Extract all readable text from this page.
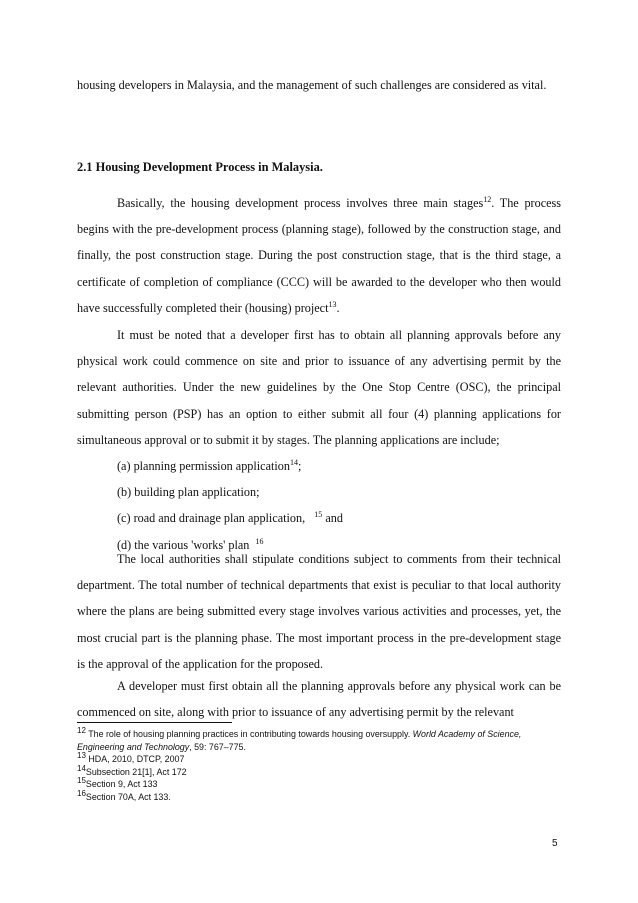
housing developers in Malaysia, and the management of such challenges are considered as vital.

2.1 Housing Development Process in Malaysia.

Basically, the housing development process involves three main stages$^{12}$. The process begins with the pre-development process (planning stage), followed by the construction stage, and finally, the post construction stage. During the post construction stage, that is the third stage, a certificate of completion of compliance (CCC) will be awarded to the developer who then would have successfully completed their (housing) project$^{13}$.

It must be noted that a developer first has to obtain all planning approvals before any physical work could commence on site and prior to issuance of any advertising permit by the relevant authorities. Under the new guidelines by the One Stop Centre (OSC), the principal submitting person (PSP) has an option to either submit all four (4) planning applications for simultaneous approval or to submit it by stages. The planning applications are include;

(a) planning permission application$^{14}$;
(b) building plan application;
(c) road and drainage plan application, $^{15}$ and
(d) the various 'works' plan $^{16}$

The local authorities shall stipulate conditions subject to comments from their technical department. The total number of technical departments that exist is peculiar to that local authority where the plans are being submitted every stage involves various activities and processes, yet, the most crucial part is the planning phase. The most important process in the pre-development stage is the approval of the application for the proposed.

A developer must first obtain all the planning approvals before any physical work can be commenced on site, along with prior to issuance of any advertising permit by the relevant

$^{12}$ The role of housing planning practices in contributing towards housing oversupply. World Academy of Science, Engineering and Technology, 59: 767–775.
$^{13}$ HDA, 2010, DTCP, 2007
$^{14}$Subsection 21[1], Act 172
$^{15}$Section 9, Act 133
$^{16}$Section 70A, Act 133.
5
